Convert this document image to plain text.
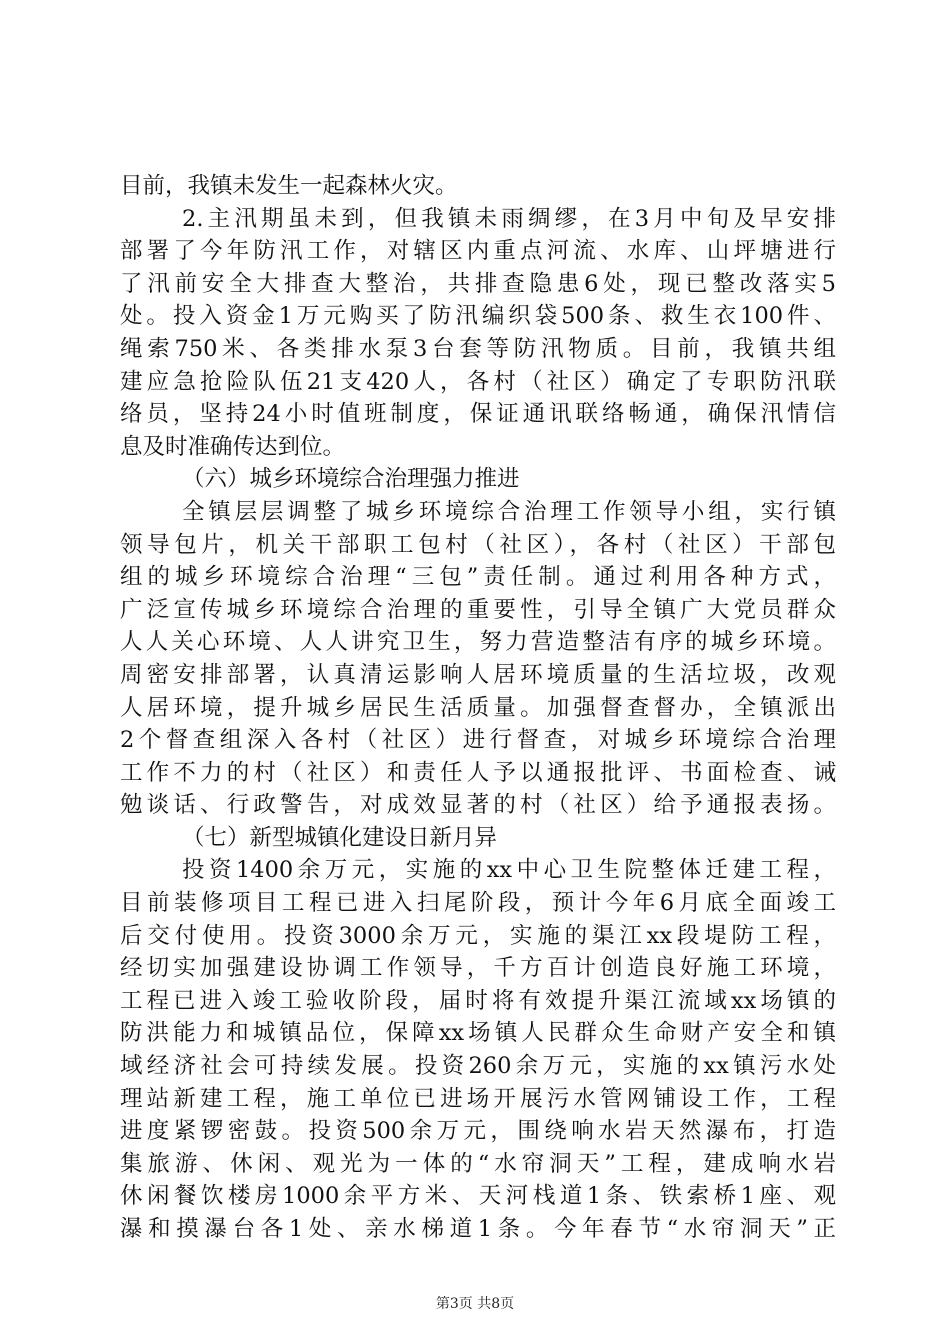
目前，我镇未发生一起森林火灾。
2.主汛期虽未到，但我镇未雨绸缪，在3月中旬及早安排
部署了今年防汛工作，对辖区内重点河流、水库、山坪塘进行
了汛前安全大排查大整治，共排查隐患6处，现已整改落实5
处。投入资金1万元购买了防汛编织袋500条、救生衣100件、
绳索750米、各类排水泵3台套等防汛物质。目前，我镇共组
建应急抢险队伍21支420人，各村（社区）确定了专职防汛联
络员，坚持24小时值班制度，保证通讯联络畅通，确保汛情信
息及时准确传达到位。
（六）城乡环境综合治理强力推进
全镇层层调整了城乡环境综合治理工作领导小组，实行镇
领导包片，机关干部职工包村（社区），各村（社区）干部包
组的城乡环境综合治理“三包”责任制。通过利用各种方式，
广泛宣传城乡环境综合治理的重要性，引导全镇广大党员群众
人人关心环境、人人讲究卫生，努力营造整洁有序的城乡环境。
周密安排部署，认真清运影响人居环境质量的生活垃圾，改观
人居环境，提升城乡居民生活质量。加强督查督办，全镇派出
2个督查组深入各村（社区）进行督查，对城乡环境综合治理
工作不力的村（社区）和责任人予以通报批评、书面检查、诫
勉谈话、行政警告，对成效显著的村（社区）给予通报表扬。
（七）新型城镇化建设日新月异
投资1400余万元，实施的xx中心卫生院整体迁建工程，
目前装修项目工程已进入扫尾阶段，预计今年6月底全面竣工
后交付使用。投资3000余万元，实施的渠江xx段堤防工程，
经切实加强建设协调工作领导，千方百计创造良好施工环境，
工程已进入竣工验收阶段，届时将有效提升渠江流域xx场镇的
防洪能力和城镇品位，保障xx场镇人民群众生命财产安全和镇
域经济社会可持续发展。投资260余万元，实施的xx镇污水处
理站新建工程，施工单位已进场开展污水管网铺设工作，工程
进度紧锣密鼓。投资500余万元，围绕响水岩天然瀑布，打造
集旅游、休闲、观光为一体的“水帘洞天”工程，建成响水岩
休闲餐饮楼房1000余平方米、天河栈道1条、铁索桥1座、观
瀑和摸瀑台各1处、亲水梯道1条。今年春节“水帘洞天”正
第3页 共8页
